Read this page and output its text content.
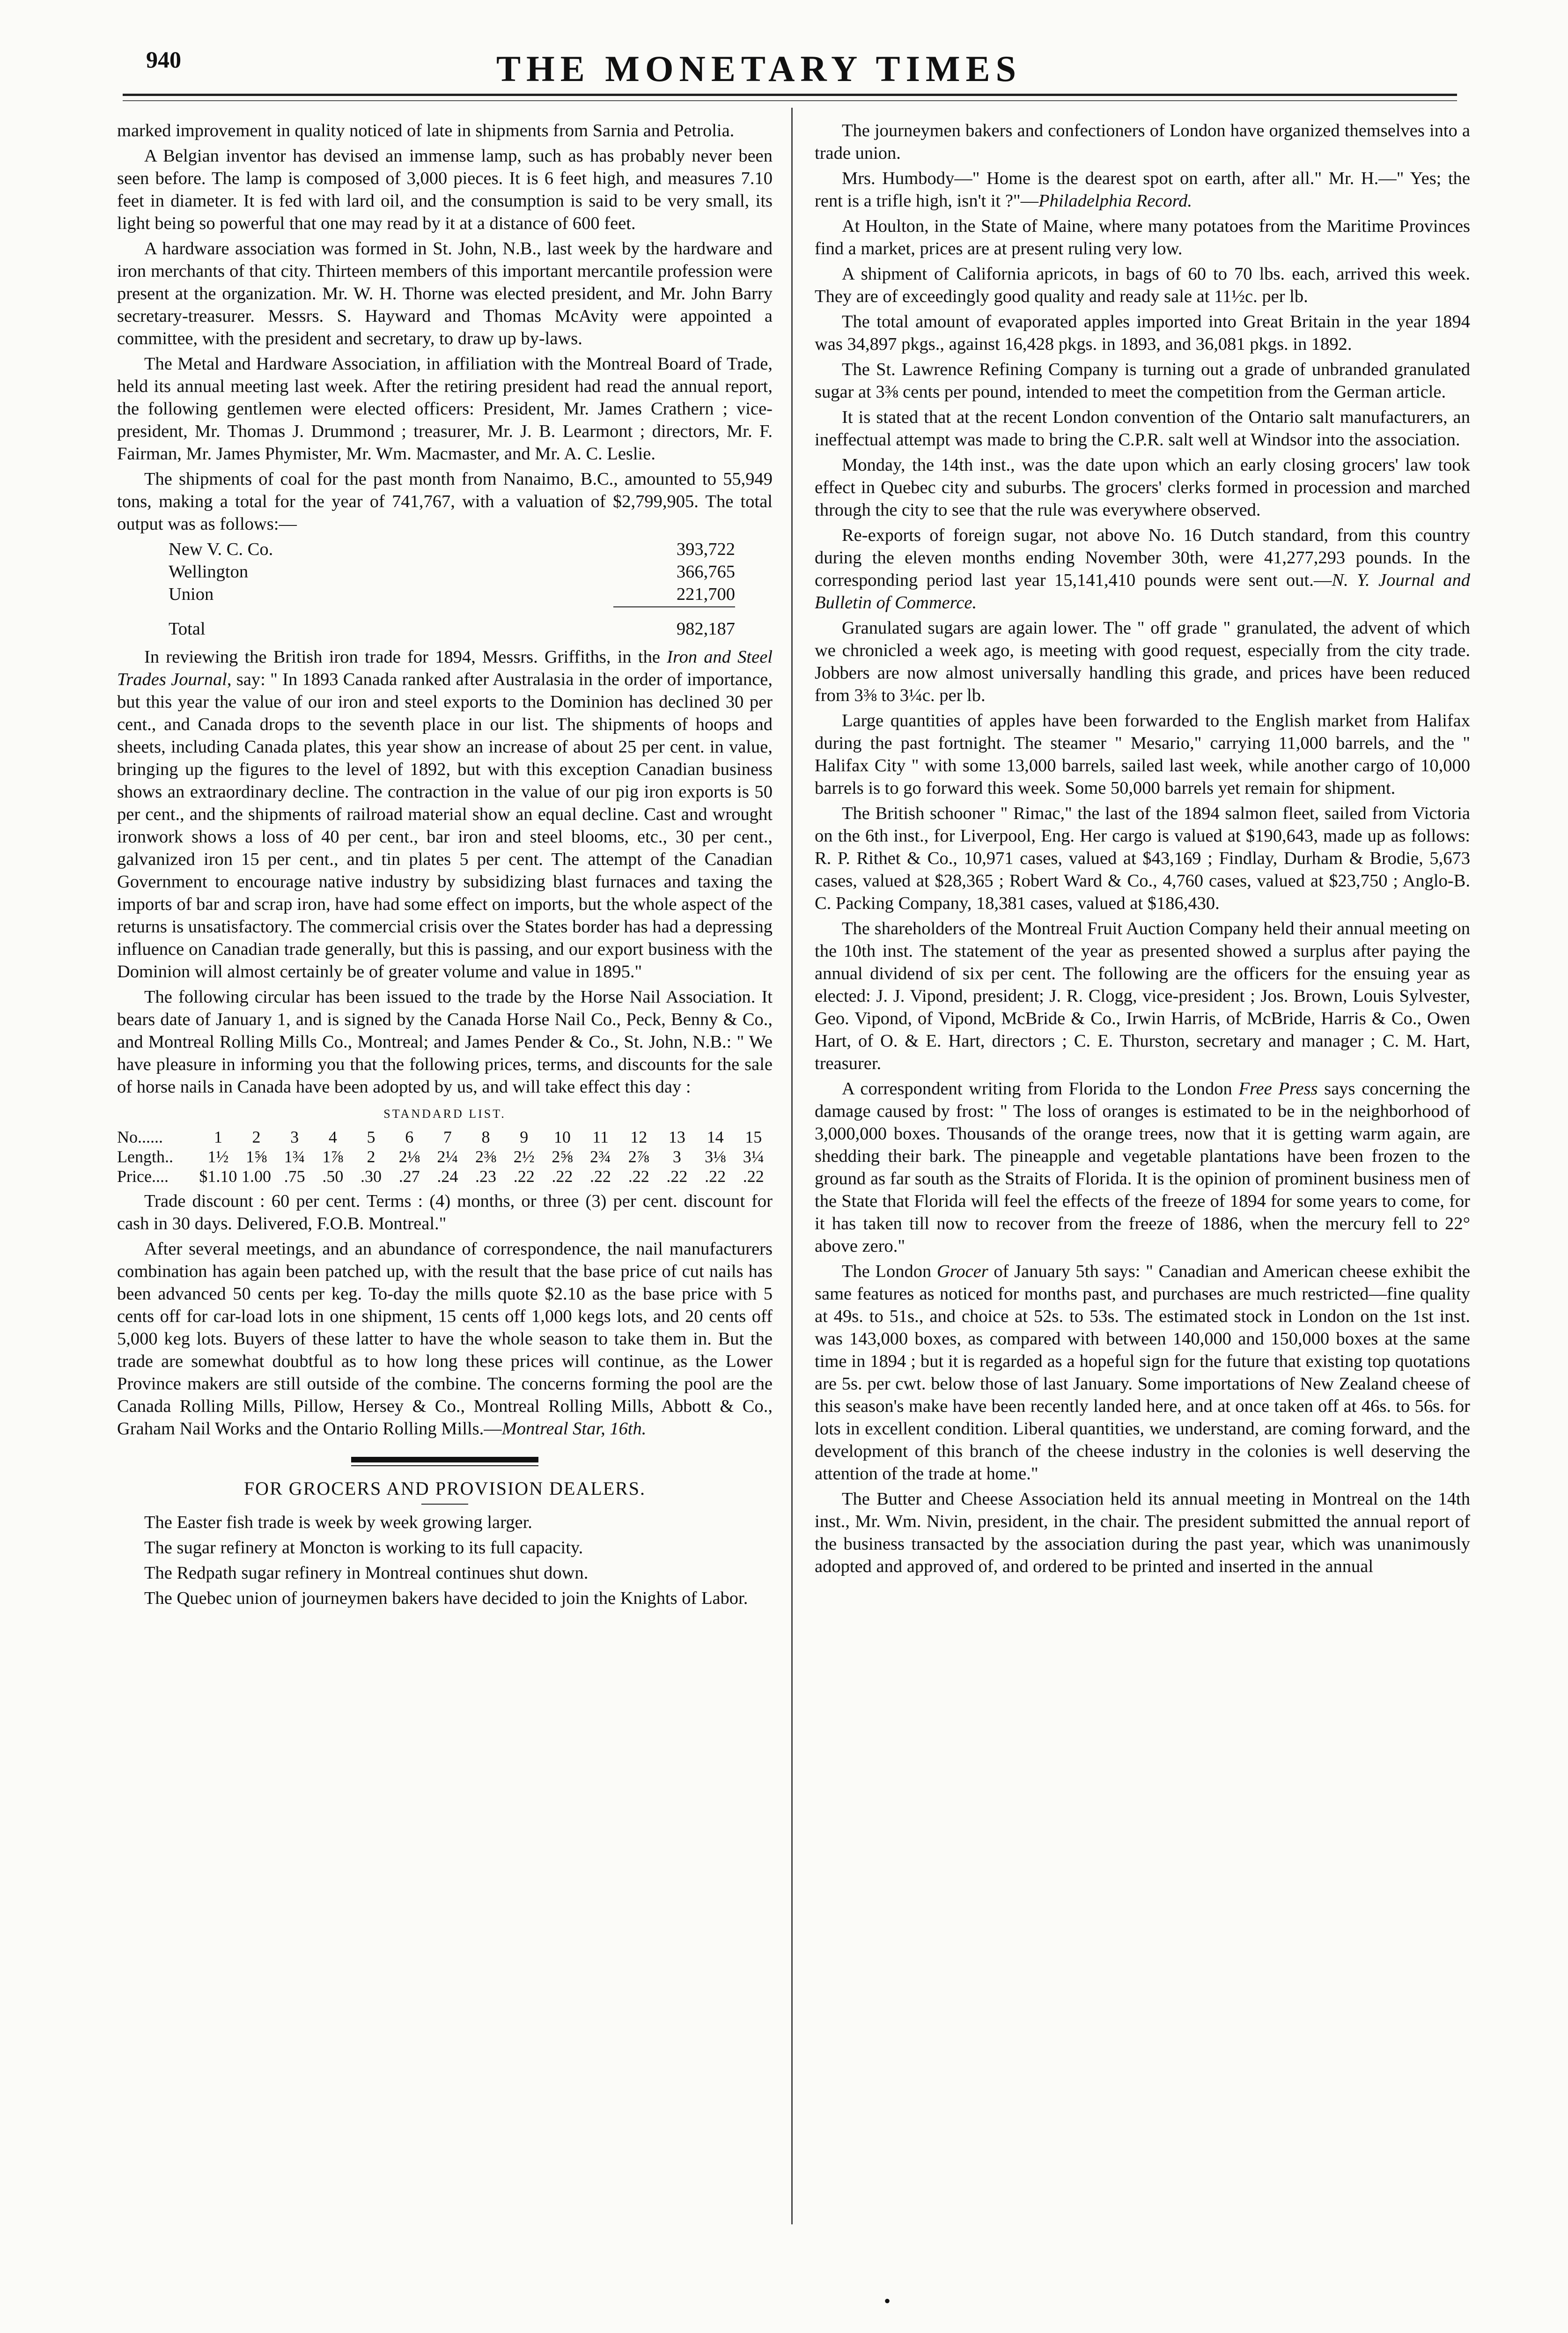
940	THE MONETARY TIMES

marked improvement in quality noticed of late in shipments from Sarnia and Petrolia.

A Belgian inventor has devised an immense lamp, such as has probably never been seen before. The lamp is composed of 3,000 pieces. It is 6 feet high, and measures 7.10 feet in diameter. It is fed with lard oil, and the consumption is said to be very small, its light being so powerful that one may read by it at a distance of 600 feet.

A hardware association was formed in St. John, N.B., last week by the hardware and iron merchants of that city. Thirteen members of this important mercantile profession were present at the organization. Mr. W. H. Thorne was elected president, and Mr. John Barry secretary-treasurer. Messrs. S. Hayward and Thomas McAvity were appointed a committee, with the president and secretary, to draw up by-laws.

The Metal and Hardware Association, in affiliation with the Montreal Board of Trade, held its annual meeting last week. After the retiring president had read the annual report, the following gentlemen were elected officers: President, Mr. James Crathern ; vice-president, Mr. Thomas J. Drummond ; treasurer, Mr. J. B. Learmont ; directors, Mr. F. Fairman, Mr. James Phymister, Mr. Wm. Macmaster, and Mr. A. C. Leslie.

The shipments of coal for the past month from Nanaimo, B.C., amounted to 55,949 tons, making a total for the year of 741,767, with a valuation of $2,799,905. The total output was as follows:—

New V. C. Co.	393,722
Wellington	366,765
Union	221,700
Total	982,187

In reviewing the British iron trade for 1894, Messrs. Griffiths, in the Iron and Steel Trades Journal, say: " In 1893 Canada ranked after Australasia in the order of importance, but this year the value of our iron and steel exports to the Dominion has declined 30 per cent., and Canada drops to the seventh place in our list. The shipments of hoops and sheets, including Canada plates, this year show an increase of about 25 per cent. in value, bringing up the figures to the level of 1892, but with this exception Canadian business shows an extraordinary decline. The contraction in the value of our pig iron exports is 50 per cent., and the shipments of railroad material show an equal decline. Cast and wrought ironwork shows a loss of 40 per cent., bar iron and steel blooms, etc., 30 per cent., galvanized iron 15 per cent., and tin plates 5 per cent. The attempt of the Canadian Government to encourage native industry by subsidizing blast furnaces and taxing the imports of bar and scrap iron, have had some effect on imports, but the whole aspect of the returns is unsatisfactory. The commercial crisis over the States border has had a depressing influence on Canadian trade generally, but this is passing, and our export business with the Dominion will almost certainly be of greater volume and value in 1895."

The following circular has been issued to the trade by the Horse Nail Association. It bears date of January 1, and is signed by the Canada Horse Nail Co., Peck, Benny & Co., and Montreal Rolling Mills Co., Montreal; and James Pender & Co., St. John, N.B.: " We have pleasure in informing you that the following prices, terms, and discounts for the sale of horse nails in Canada have been adopted by us, and will take effect this day :

STANDARD LIST.
No......	1	2	3	4	5	6	7	8	9	10	11	12	13	14	15
Length..	1½	1⅝	1¾	1⅞	2	2⅛	2¼	2⅜	2½	2⅝	2¾	2⅞	3	3⅛	3¼
Price....	$1.10 1.00 .75	.50	.30	.27	.24	.23	.22	.22	.22	.22	.22	.22	.22

Trade discount : 60 per cent. Terms : (4) months, or three (3) per cent. discount for cash in 30 days. Delivered, F.O.B. Montreal."

After several meetings, and an abundance of correspondence, the nail manufacturers combination has again been patched up, with the result that the base price of cut nails has been advanced 50 cents per keg. To-day the mills quote $2.10 as the base price with 5 cents off for car-load lots in one shipment, 15 cents off 1,000 kegs lots, and 20 cents off 5,000 keg lots. Buyers of these latter to have the whole season to take them in. But the trade are somewhat doubtful as to how long these prices will continue, as the Lower Province makers are still outside of the combine. The concerns forming the pool are the Canada Rolling Mills, Pillow, Hersey & Co., Montreal Rolling Mills, Abbott & Co., Graham Nail Works and the Ontario Rolling Mills.—Montreal Star, 16th.

FOR GROCERS AND PROVISION DEALERS.

The Easter fish trade is week by week growing larger.

The sugar refinery at Moncton is working to its full capacity.

The Redpath sugar refinery in Montreal continues shut down.

The Quebec union of journeymen bakers have decided to join the Knights of Labor.

The journeymen bakers and confectioners of London have organized themselves into a trade union.

Mrs. Humbody—" Home is the dearest spot on earth, after all." Mr. H.—" Yes; the rent is a trifle high, isn't it ?"—Philadelphia Record.

At Houlton, in the State of Maine, where many potatoes from the Maritime Provinces find a market, prices are at present ruling very low.

A shipment of California apricots, in bags of 60 to 70 lbs. each, arrived this week. They are of exceedingly good quality and ready sale at 11½c. per lb.

The total amount of evaporated apples imported into Great Britain in the year 1894 was 34,897 pkgs., against 16,428 pkgs. in 1893, and 36,081 pkgs. in 1892.

The St. Lawrence Refining Company is turning out a grade of unbranded granulated sugar at 3⅜ cents per pound, intended to meet the competition from the German article.

It is stated that at the recent London convention of the Ontario salt manufacturers, an ineffectual attempt was made to bring the C.P.R. salt well at Windsor into the association.

Monday, the 14th inst., was the date upon which an early closing grocers' law took effect in Quebec city and suburbs. The grocers' clerks formed in procession and marched through the city to see that the rule was everywhere observed.

Re-exports of foreign sugar, not above No. 16 Dutch standard, from this country during the eleven months ending November 30th, were 41,277,293 pounds. In the corresponding period last year 15,141,410 pounds were sent out.—N. Y. Journal and Bulletin of Commerce.

Granulated sugars are again lower. The " off grade " granulated, the advent of which we chronicled a week ago, is meeting with good request, especially from the city trade. Jobbers are now almost universally handling this grade, and prices have been reduced from 3⅜ to 3¼c. per lb.

Large quantities of apples have been forwarded to the English market from Halifax during the past fortnight. The steamer " Mesario," carrying 11,000 barrels, and the " Halifax City " with some 13,000 barrels, sailed last week, while another cargo of 10,000 barrels is to go forward this week. Some 50,000 barrels yet remain for shipment.

The British schooner " Rimac," the last of the 1894 salmon fleet, sailed from Victoria on the 6th inst., for Liverpool, Eng. Her cargo is valued at $190,643, made up as follows: R. P. Rithet & Co., 10,971 cases, valued at $43,169 ; Findlay, Durham & Brodie, 5,673 cases, valued at $28,365 ; Robert Ward & Co., 4,760 cases, valued at $23,750 ; Anglo-B. C. Packing Company, 18,381 cases, valued at $186,430.

The shareholders of the Montreal Fruit Auction Company held their annual meeting on the 10th inst. The statement of the year as presented showed a surplus after paying the annual dividend of six per cent. The following are the officers for the ensuing year as elected: J. J. Vipond, president; J. R. Clogg, vice-president ; Jos. Brown, Louis Sylvester, Geo. Vipond, of Vipond, McBride & Co., Irwin Harris, of McBride, Harris & Co., Owen Hart, of O. & E. Hart, directors ; C. E. Thurston, secretary and manager ; C. M. Hart, treasurer.

A correspondent writing from Florida to the London Free Press says concerning the damage caused by frost: " The loss of oranges is estimated to be in the neighborhood of 3,000,000 boxes. Thousands of the orange trees, now that it is getting warm again, are shedding their bark. The pineapple and vegetable plantations have been frozen to the ground as far south as the Straits of Florida. It is the opinion of prominent business men of the State that Florida will feel the effects of the freeze of 1894 for some years to come, for it has taken till now to recover from the freeze of 1886, when the mercury fell to 22° above zero."

The London Grocer of January 5th says: " Canadian and American cheese exhibit the same features as noticed for months past, and purchases are much restricted—fine quality at 49s. to 51s., and choice at 52s. to 53s. The estimated stock in London on the 1st inst. was 143,000 boxes, as compared with between 140,000 and 150,000 boxes at the same time in 1894 ; but it is regarded as a hopeful sign for the future that existing top quotations are 5s. per cwt. below those of last January. Some importations of New Zealand cheese of this season's make have been recently landed here, and at once taken off at 46s. to 56s. for lots in excellent condition. Liberal quantities, we understand, are coming forward, and the development of this branch of the cheese industry in the colonies is well deserving the attention of the trade at home."

The Butter and Cheese Association held its annual meeting in Montreal on the 14th inst., Mr. Wm. Nivin, president, in the chair. The president submitted the annual report of the business transacted by the association during the past year, which was unanimously adopted and approved of, and ordered to be printed and inserted in the annual

•
